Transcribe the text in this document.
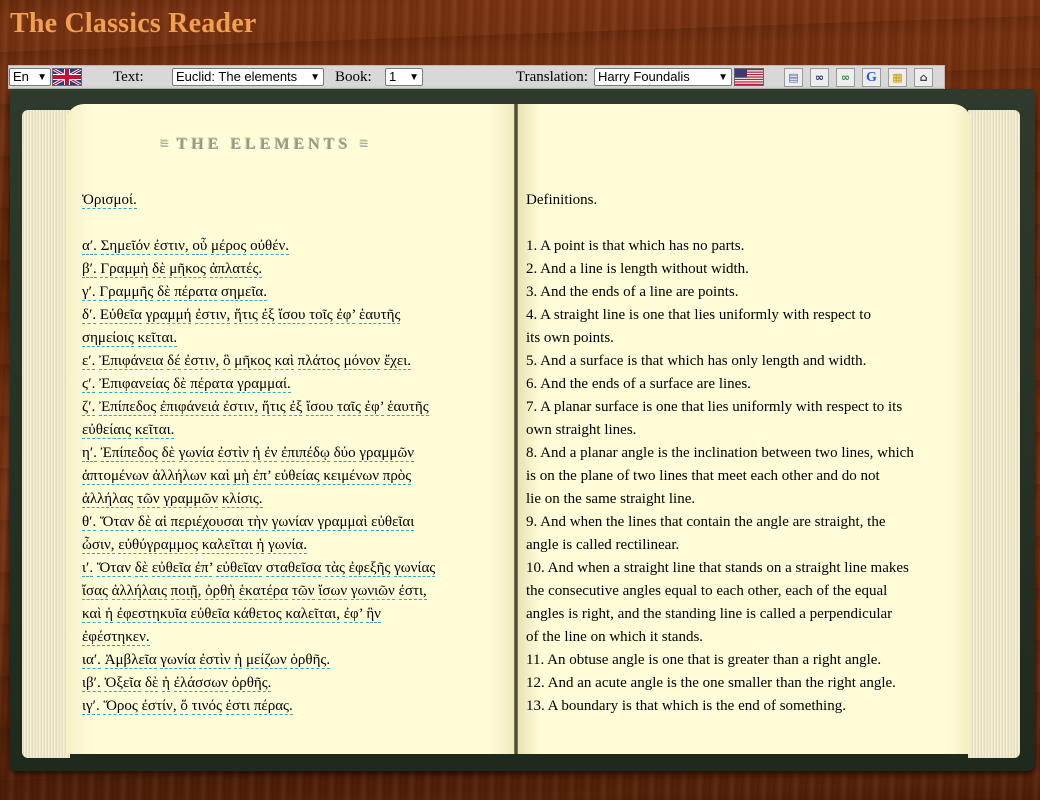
The Classics Reader
En ▼	Text:	Euclid: The elements ▼ Book:	1 ▼	Translation: Harry Foundalis	▼	▤	∞	∞	G	▦	⌂
≡ THE ELEMENTS ≡
Ὁρισμοί.
αʹ. Σημεῖόν ἐστιν, οὗ μέρος οὐθέν.
βʹ. Γραμμὴ δὲ μῆκος ἀπλατές.
γʹ. Γραμμῆς δὲ πέρατα σημεῖα.
δʹ. Εὐθεῖα γραμμή ἐστιν, ἥτις ἐξ ἴσου τοῖς ἐφ’ ἑαυτῆς
σημείοις κεῖται.
εʹ. Ἐπιφάνεια δέ ἐστιν, ὃ μῆκος καὶ πλάτος μόνον ἔχει.
ϛʹ. Ἐπιφανείας δὲ πέρατα γραμμαί.
ζʹ. Ἐπίπεδος ἐπιφάνειά ἐστιν, ἥτις ἐξ ἴσου ταῖς ἐφ’ ἑαυτῆς
εὐθείαις κεῖται.
ηʹ. Ἐπίπεδος δὲ γωνία ἐστὶν ἡ ἐν ἐπιπέδῳ δύο γραμμῶν
ἁπτομένων ἀλλήλων καὶ μὴ ἐπ’ εὐθείας κειμένων πρὸς
ἀλλήλας τῶν γραμμῶν κλίσις.
θʹ. Ὅταν δὲ αἱ περιέχουσαι τὴν γωνίαν γραμμαὶ εὐθεῖαι
ὦσιν, εὐθύγραμμος καλεῖται ἡ γωνία.
ιʹ. Ὅταν δὲ εὐθεῖα ἐπ’ εὐθεῖαν σταθεῖσα τὰς ἐφεξῆς γωνίας
ἴσας ἀλλήλαις ποιῇ, ὀρθὴ ἑκατέρα τῶν ἴσων γωνιῶν ἐστι,
καὶ ἡ ἐφεστηκυῖα εὐθεῖα κάθετος καλεῖται, ἐφ’ ἣν
ἐφέστηκεν.
ιαʹ. Ἀμβλεῖα γωνία ἐστὶν ἡ μείζων ὀρθῆς.
ιβʹ. Ὀξεῖα δὲ ἡ ἐλάσσων ὀρθῆς.
ιγʹ. Ὅρος ἐστίν, ὅ τινός ἐστι πέρας.
Definitions.
1. A point is that which has no parts.
2. And a line is length without width.
3. And the ends of a line are points.
4. A straight line is one that lies uniformly with respect to
its own points.
5. And a surface is that which has only length and width.
6. And the ends of a surface are lines.
7. A planar surface is one that lies uniformly with respect to its
own straight lines.
8. And a planar angle is the inclination between two lines, which
is on the plane of two lines that meet each other and do not
lie on the same straight line.
9. And when the lines that contain the angle are straight, the
angle is called rectilinear.
10. And when a straight line that stands on a straight line makes
the consecutive angles equal to each other, each of the equal
angles is right, and the standing line is called a perpendicular
of the line on which it stands.
11. An obtuse angle is one that is greater than a right angle.
12. And an acute angle is the one smaller than the right angle.
13. A boundary is that which is the end of something.
